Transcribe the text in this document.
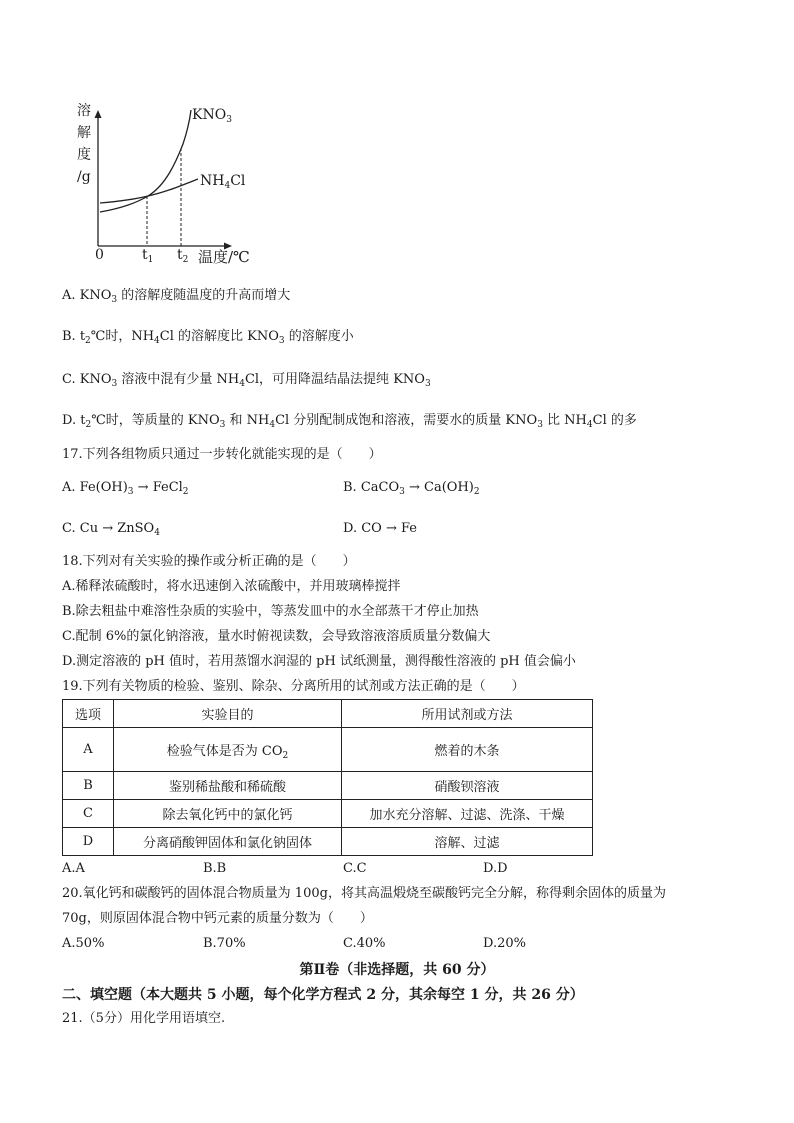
溶
解
度
/g
$KNO_3$
$NH_4Cl$
0	$t_1$ $t_2$ 温度/℃
A. $KNO_3$ 的溶解度随温度的升高而增大
B. $t_2℃$时，$NH_4Cl$ 的溶解度比 $KNO_3$ 的溶解度小
C. $KNO_3$ 溶液中混有少量 $NH_4Cl$，可用降温结晶法提纯 $KNO_3$
D. $t_2℃$时，等质量的 $KNO_3$ 和 $NH_4Cl$ 分别配制成饱和溶液，需要水的质量 $KNO_3$ 比 $NH_4Cl$ 的多
17.下列各组物质只通过一步转化就能实现的是（　　）
A. $Fe(OH)_3$ → FeCl$_2$	B. CaCO$_3$ → $Ca(OH)_2$
C. Cu → ZnSO$_4$	D. CO → Fe
18.下列对有关实验的操作或分析正确的是（　　）
A.稀释浓硫酸时，将水迅速倒入浓硫酸中，并用玻璃棒搅拌
B.除去粗盐中难溶性杂质的实验中，等蒸发皿中的水全部蒸干才停止加热
C.配制 6%的氯化钠溶液，量水时俯视读数，会导致溶液溶质质量分数偏大
D.测定溶液的 pH 值时，若用蒸馏水润湿的 pH 试纸测量，测得酸性溶液的 pH 值会偏小
19.下列有关物质的检验、鉴别、除杂、分离所用的试剂或方法正确的是（　　）
选项	实验目的	所用试剂或方法
A	检验气体是否为 $CO_2$	燃着的木条
B	鉴别稀盐酸和稀硫酸	硝酸钡溶液
C	除去氧化钙中的氯化钙	加水充分溶解、过滤、洗涤、干燥
D	分离硝酸钾固体和氯化钠固体	溶解、过滤
A.A	B.B	C.C	D.D
20.氧化钙和碳酸钙的固体混合物质量为 100g，将其高温煅烧至碳酸钙完全分解，称得剩余固体的质量为
70g，则原固体混合物中钙元素的质量分数为（　　）
A.50%	B.70%	C.40%	D.20%
第Ⅱ卷（非选择题，共 60 分）
二、填空题（本大题共 5 小题，每个化学方程式 2 分，其余每空 1 分，共 26 分）
21.（5分）用化学用语填空.
